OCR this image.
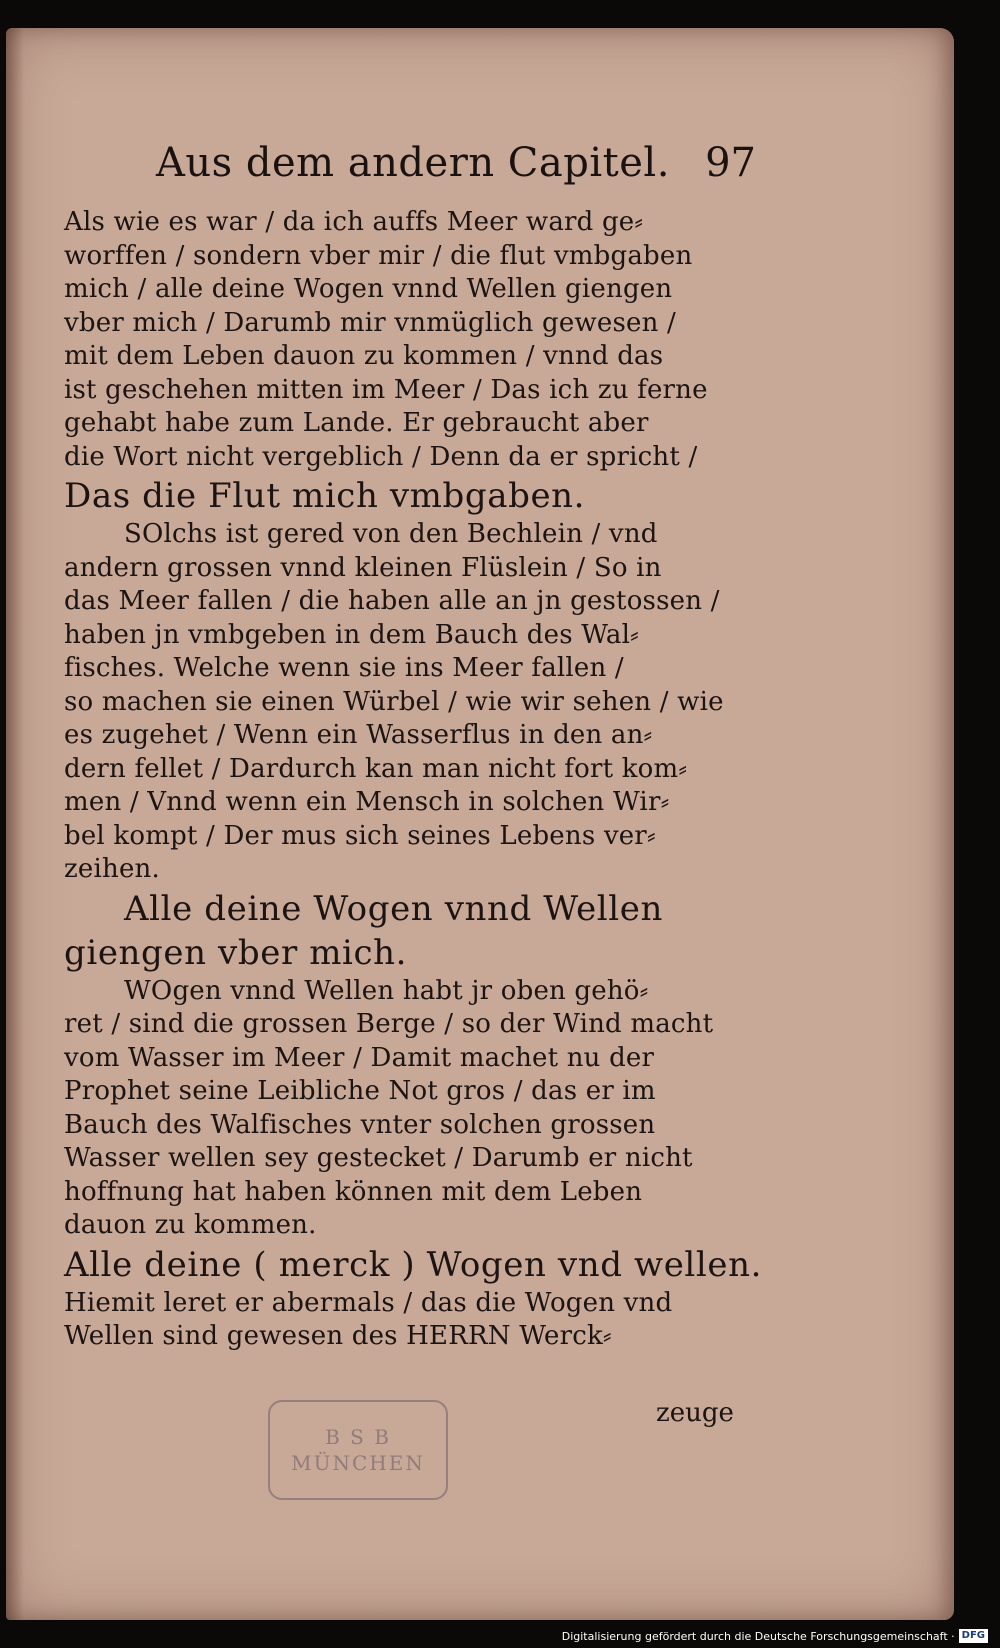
Aus dem andern Capitel. 97
Als wie es war / da ich auffs Meer ward ge⸗
worffen / sondern vber mir / die flut vmbgaben
mich / alle deine Wogen vnnd Wellen giengen
vber mich / Darumb mir vnmüglich gewesen /
mit dem Leben dauon zu kommen / vnnd das
ist geschehen mitten im Meer / Das ich zu ferne
gehabt habe zum Lande. Er gebraucht aber
die Wort nicht vergeblich / Denn da er spricht /
Das die Flut mich vmbgaben.
SOlchs ist gered von den Bechlein / vnd
andern grossen vnnd kleinen Flüslein / So in
das Meer fallen / die haben alle an jn gestossen /
haben jn vmbgeben in dem Bauch des Wal⸗
fisches. Welche wenn sie ins Meer fallen /
so machen sie einen Würbel / wie wir sehen / wie
es zugehet / Wenn ein Wasserflus in den an⸗
dern fellet / Dardurch kan man nicht fort kom⸗
men / Vnnd wenn ein Mensch in solchen Wir⸗
bel kompt / Der mus sich seines Lebens ver⸗
zeihen.
Alle deine Wogen vnnd Wellen
giengen vber mich.
WOgen vnnd Wellen habt jr oben gehö⸗
ret / sind die grossen Berge / so der Wind macht
vom Wasser im Meer / Damit machet nu der
Prophet seine Leibliche Not gros / das er im
Bauch des Walfisches vnter solchen grossen
Wasser wellen sey gestecket / Darumb er nicht
hoffnung hat haben können mit dem Leben
dauon zu kommen.
Alle deine ( merck ) Wogen vnd wellen.
Hiemit leret er abermals / das die Wogen vnd
Wellen sind gewesen des HERRN Werck⸗
B S B
MÜNCHEN
zeuge
Digitalisierung gefördert durch die Deutsche Forschungsgemeinschaft · DFG
